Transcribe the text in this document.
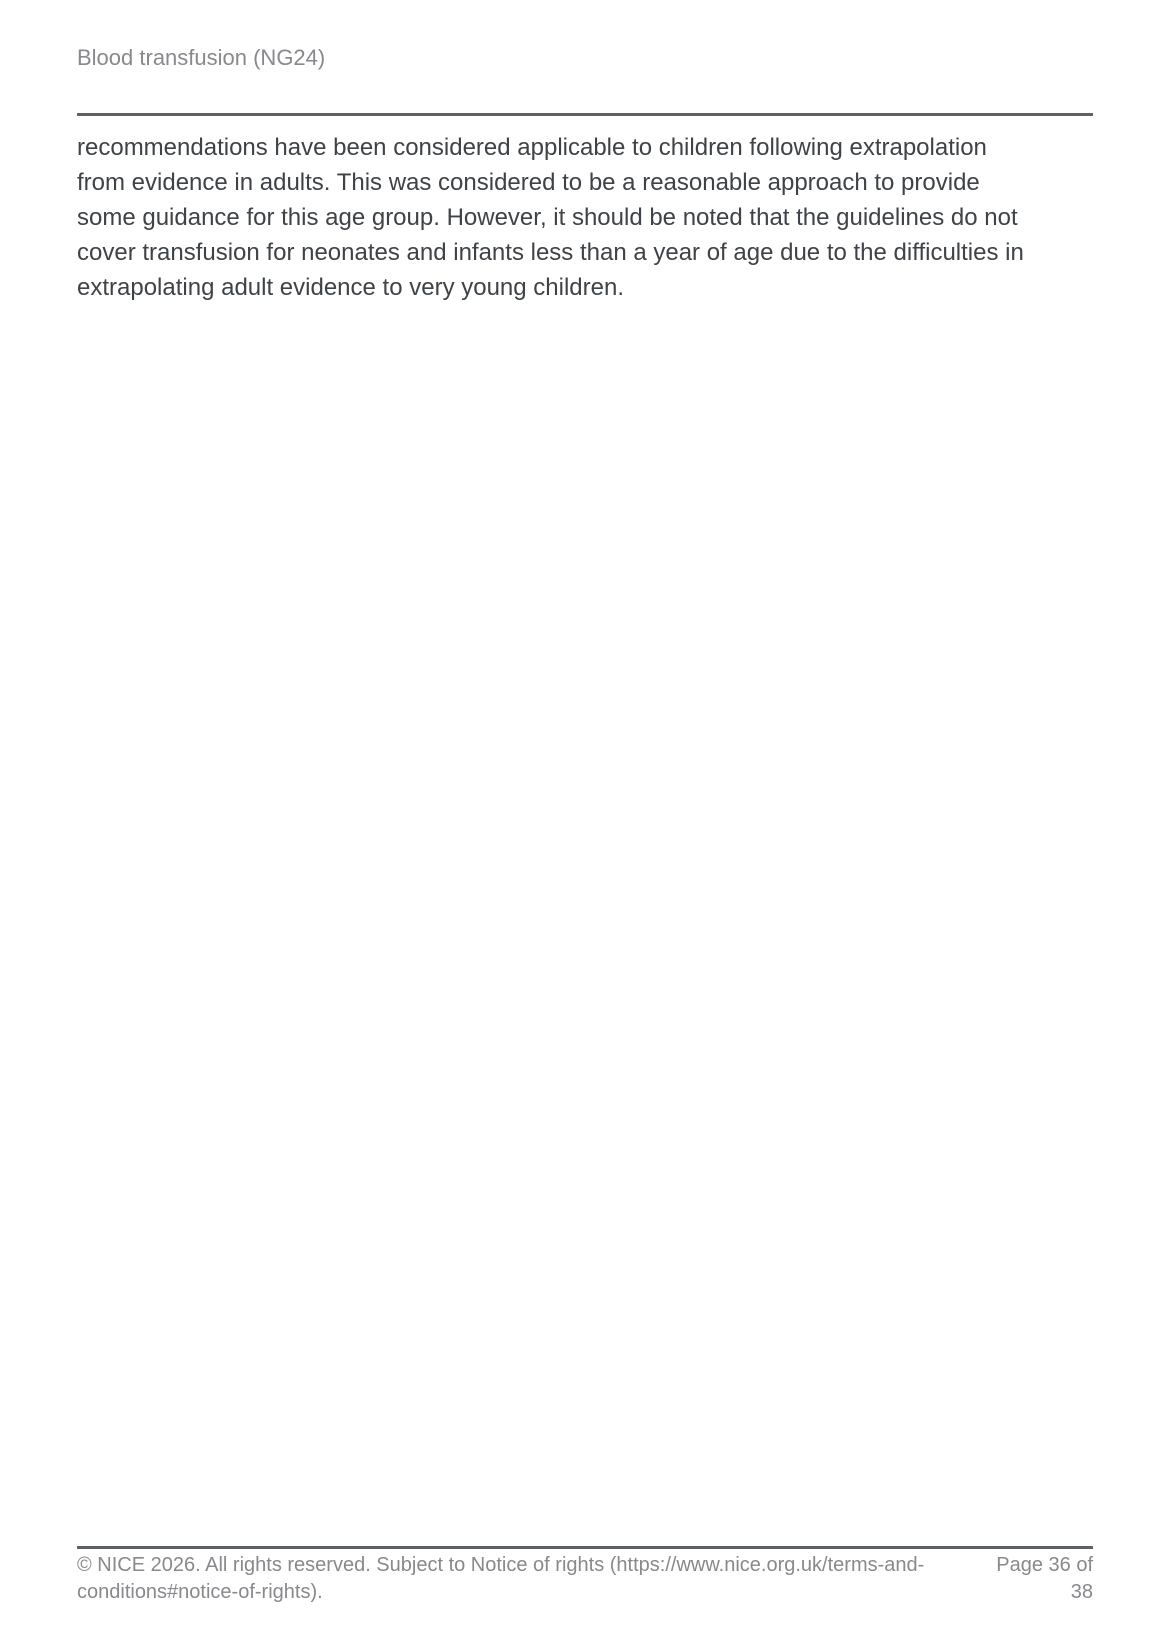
Blood transfusion (NG24)

recommendations have been considered applicable to children following extrapolation from evidence in adults. This was considered to be a reasonable approach to provide some guidance for this age group. However, it should be noted that the guidelines do not cover transfusion for neonates and infants less than a year of age due to the difficulties in extrapolating adult evidence to very young children.

© NICE 2026. All rights reserved. Subject to Notice of rights (https://www.nice.org.uk/terms-and-conditions#notice-of-rights).
Page 36 of 38
